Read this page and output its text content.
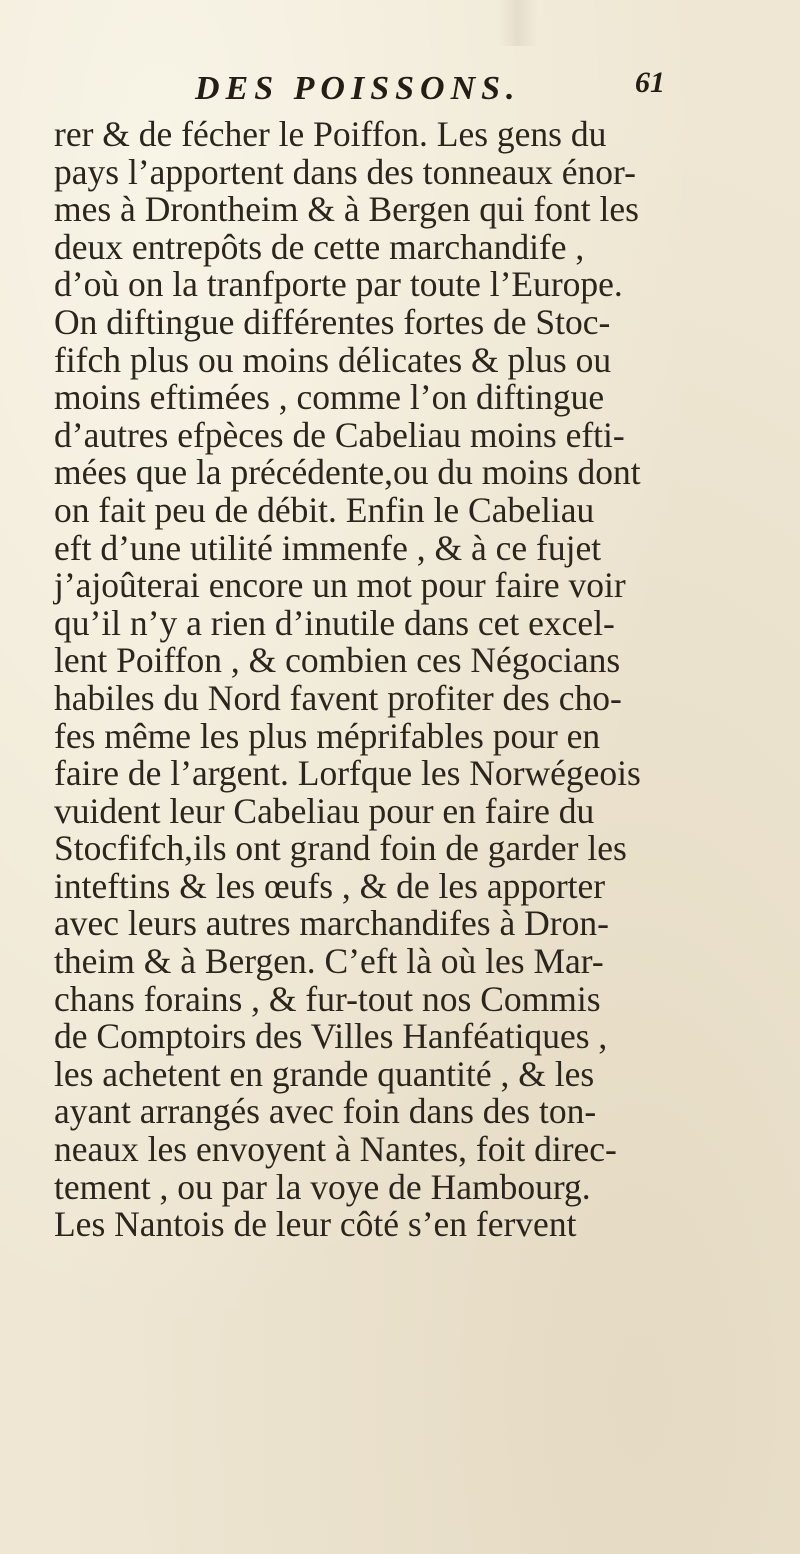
DES POISSONS.	61
rer & de fécher le Poiffon. Les gens du
pays l’apportent dans des tonneaux énor-
mes à Drontheim & à Bergen qui font les
deux entrepôts de cette marchandife ,
d’où on la tranfporte par toute l’Europe.
On diftingue différentes fortes de Stoc-
fifch plus ou moins délicates & plus ou
moins eftimées , comme l’on diftingue
d’autres efpèces de Cabeliau moins efti-
mées que la précédente,ou du moins dont
on fait peu de débit. Enfin le Cabeliau
eft d’une utilité immenfe , & à ce fujet
j’ajoûterai encore un mot pour faire voir
qu’il n’y a rien d’inutile dans cet excel-
lent Poiffon , & combien ces Négocians
habiles du Nord favent profiter des cho-
fes même les plus méprifables pour en
faire de l’argent. Lorfque les Norwégeois
vuident leur Cabeliau pour en faire du
Stocfifch,ils ont grand foin de garder les
inteftins & les œufs , & de les apporter
avec leurs autres marchandifes à Dron-
theim & à Bergen. C’eft là où les Mar-
chans forains , & fur-tout nos Commis
de Comptoirs des Villes Hanféatiques ,
les achetent en grande quantité , & les
ayant arrangés avec foin dans des ton-
neaux les envoyent à Nantes, foit direc-
tement , ou par la voye de Hambourg.
Les Nantois de leur côté s’en fervent
